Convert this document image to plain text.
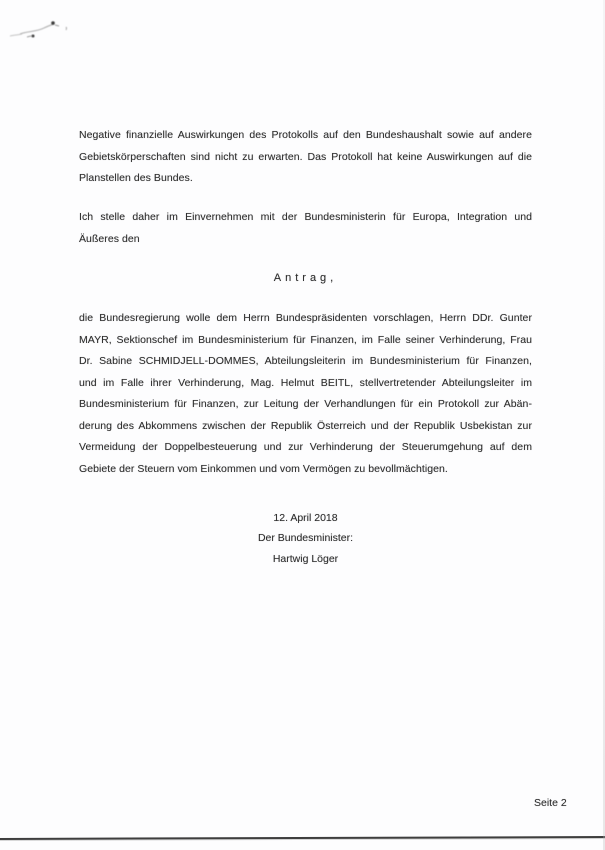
Negative finanzielle Auswirkungen des Protokolls auf den Bundeshaushalt sowie auf andere
Gebietskörperschaften sind nicht zu erwarten. Das Protokoll hat keine Auswirkungen auf die
Planstellen des Bundes.
Ich stelle daher im Einvernehmen mit der Bundesministerin für Europa, Integration und
Äußeres den
Antrag,
die Bundesregierung wolle dem Herrn Bundespräsidenten vorschlagen, Herrn DDr. Gunter
MAYR, Sektionschef im Bundesministerium für Finanzen, im Falle seiner Verhinderung, Frau
Dr. Sabine SCHMIDJELL-DOMMES, Abteilungsleiterin im Bundesministerium für Finanzen,
und im Falle ihrer Verhinderung, Mag. Helmut BEITL, stellvertretender Abteilungsleiter im
Bundesministerium für Finanzen, zur Leitung der Verhandlungen für ein Protokoll zur Abän-
derung des Abkommens zwischen der Republik Österreich und der Republik Usbekistan zur
Vermeidung der Doppelbesteuerung und zur Verhinderung der Steuerumgehung auf dem
Gebiete der Steuern vom Einkommen und vom Vermögen zu bevollmächtigen.
12. April 2018
Der Bundesminister:
Hartwig Löger
Seite 2
